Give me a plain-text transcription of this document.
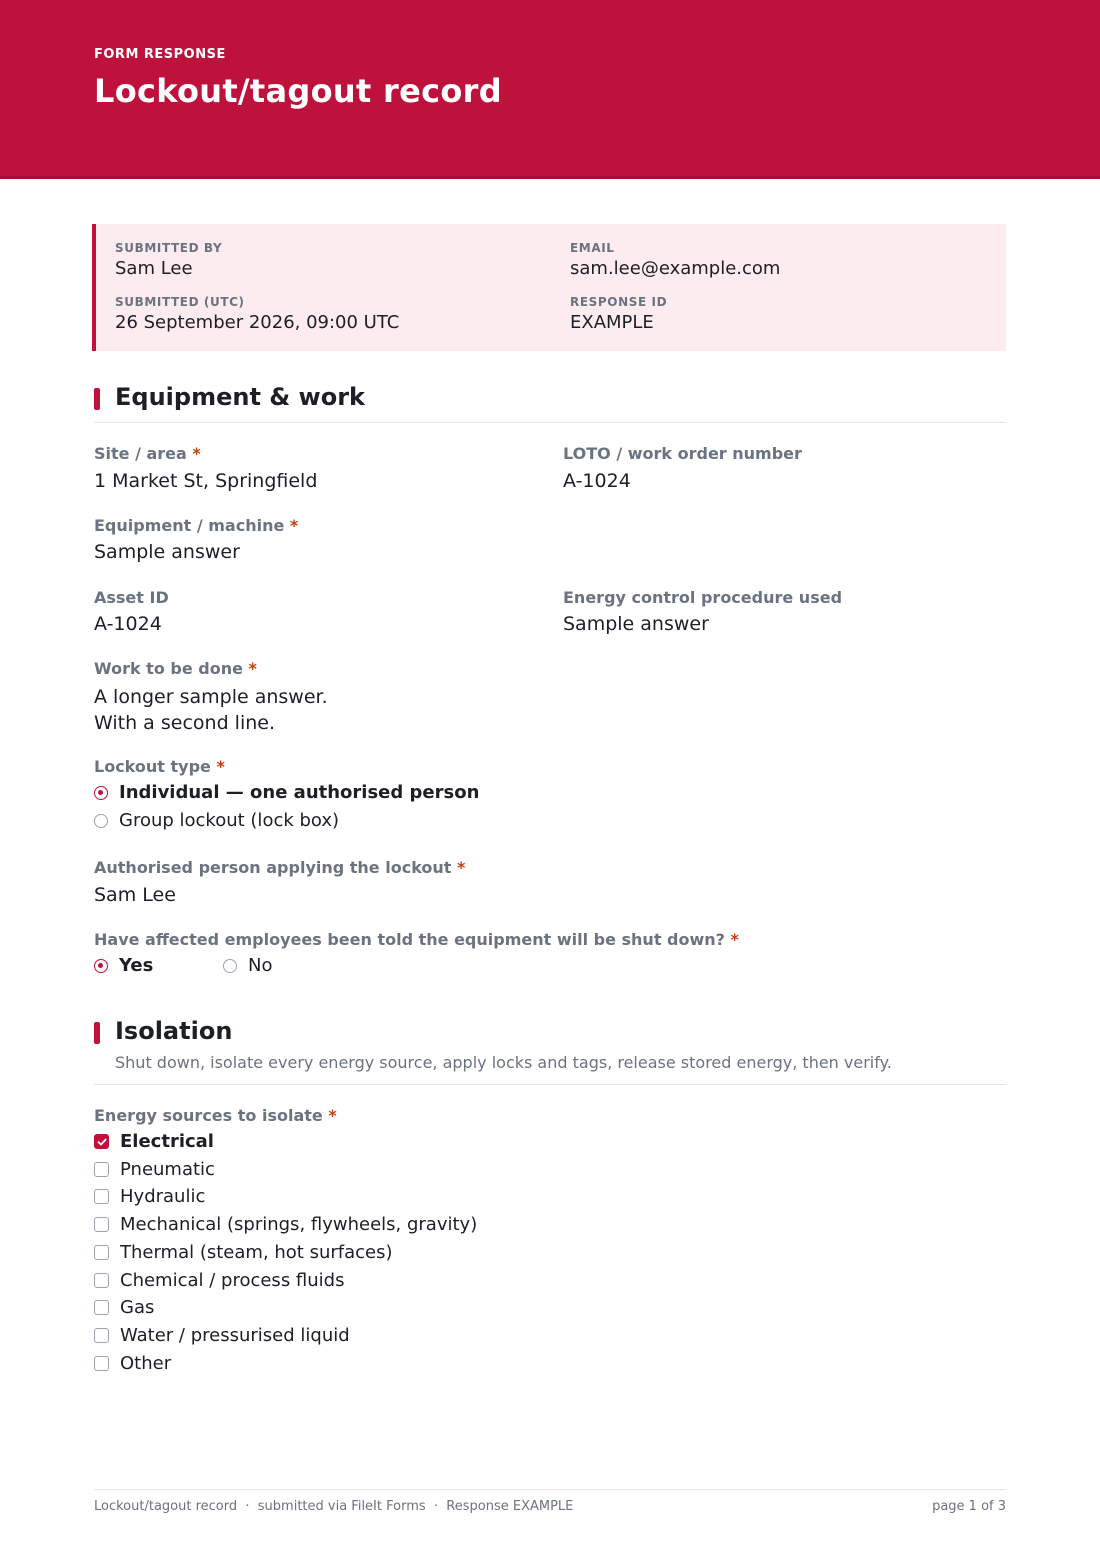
FORM RESPONSE
Lockout/tagout record
SUBMITTED BY
Sam Lee
EMAIL
sam.lee@example.com
SUBMITTED (UTC)
26 September 2026, 09:00 UTC
RESPONSE ID
EXAMPLE
Equipment & work
Site / area *
1 Market St, Springfield
LOTO / work order number
A-1024
Equipment / machine *
Sample answer
Asset ID
A-1024
Energy control procedure used
Sample answer
Work to be done *
A longer sample answer.
With a second line.
Lockout type *
Individual — one authorised person
Group lockout (lock box)
Authorised person applying the lockout *
Sam Lee
Have affected employees been told the equipment will be shut down? *
Yes	No
Isolation
Shut down, isolate every energy source, apply locks and tags, release stored energy, then verify.
Energy sources to isolate *
Electrical
Pneumatic
Hydraulic
Mechanical (springs, flywheels, gravity)
Thermal (steam, hot surfaces)
Chemical / process fluids
Gas
Water / pressurised liquid
Other
Lockout/tagout record  ·  submitted via FileIt Forms  ·  Response EXAMPLE	page 1 of 3
